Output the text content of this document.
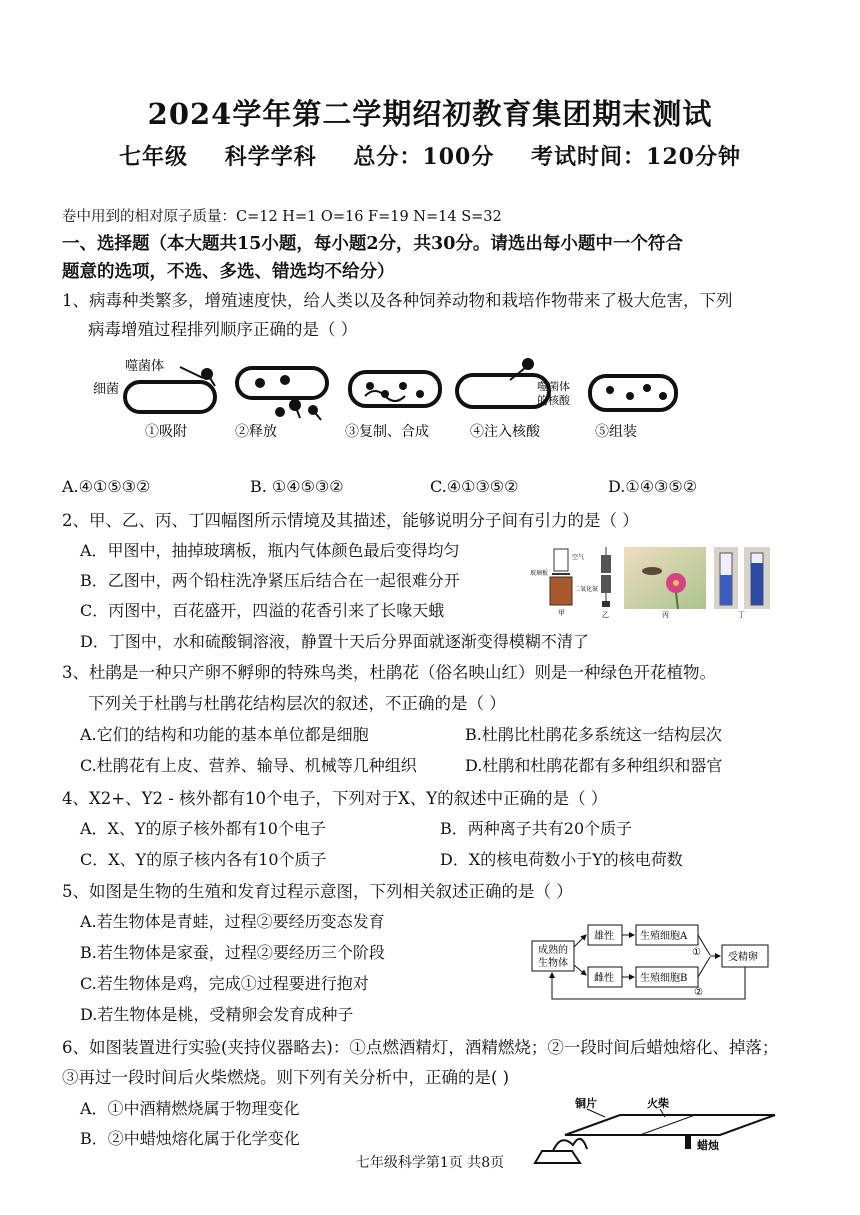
2024学年第二学期绍初教育集团期末测试
七年级 科学学科 总分：100分 考试时间：120分钟
卷中用到的相对原子质量：C=12 H=1 O=16 F=19 N=14 S=32
一、选择题（本大题共15小题，每小题2分，共30分。请选出每小题中一个符合
题意的选项，不选、多选、错选均不给分）
1、病毒种类繁多，增殖速度快，给人类以及各种饲养动物和栽培作物带来了极大危害，下列
病毒增殖过程排列顺序正确的是（ ）
噬菌体
细菌	噬菌体
的核酸
①吸附	②释放	③复制、合成	④注入核酸	⑤组装
A.④①⑤③②	B. ①④⑤③②	C.④①③⑤②	D.①④③⑤②
2、甲、乙、丙、丁四幅图所示情境及其描述，能够说明分子间有引力的是（ ）
A．甲图中，抽掉玻璃板，瓶内气体颜色最后变得均匀
B．乙图中，两个铅柱洗净紧压后结合在一起很难分开
C．丙图中，百花盛开，四溢的花香引来了长喙天蛾
D．丁图中，水和硫酸铜溶液，静置十天后分界面就逐渐变得模糊不清了
空气
玻璃板
二氧化氮
甲	乙	丙	丁
3、杜鹃是一种只产卵不孵卵的特殊鸟类，杜鹃花（俗名映山红）则是一种绿色开花植物。
下列关于杜鹃与杜鹃花结构层次的叙述，不正确的是（ ）
A.它们的结构和功能的基本单位都是细胞	B.杜鹃比杜鹃花多系统这一结构层次
C.杜鹃花有上皮、营养、输导、机械等几种组织	D.杜鹃和杜鹃花都有多种组织和器官
4、X2+、Y2 - 核外都有10个电子，下列对于X、Y的叙述中正确的是（ ）
A．X、Y的原子核外都有10个电子	B．两种离子共有20个质子
C．X、Y的原子核内各有10个质子	D．X的核电荷数小于Y的核电荷数
5、如图是生物的生殖和发育过程示意图，下列相关叙述正确的是（ ）
A.若生物体是青蛙，过程②要经历变态发育
B.若生物体是家蚕，过程②要经历三个阶段
C.若生物体是鸡，完成①过程要进行抱对
D.若生物体是桃，受精卵会发育成种子
成熟的
生物体
雄性
雌性
生殖细胞A
生殖细胞B
①	受精卵
②
6、如图装置进行实验(夹持仪器略去)：①点燃酒精灯，酒精燃烧；②一段时间后蜡烛熔化、掉落；
③再过一段时间后火柴燃烧。则下列有关分析中，正确的是( )
A．①中酒精燃烧属于物理变化
B．②中蜡烛熔化属于化学变化
铜片	火柴
蜡烛
七年级科学第1页 共8页
